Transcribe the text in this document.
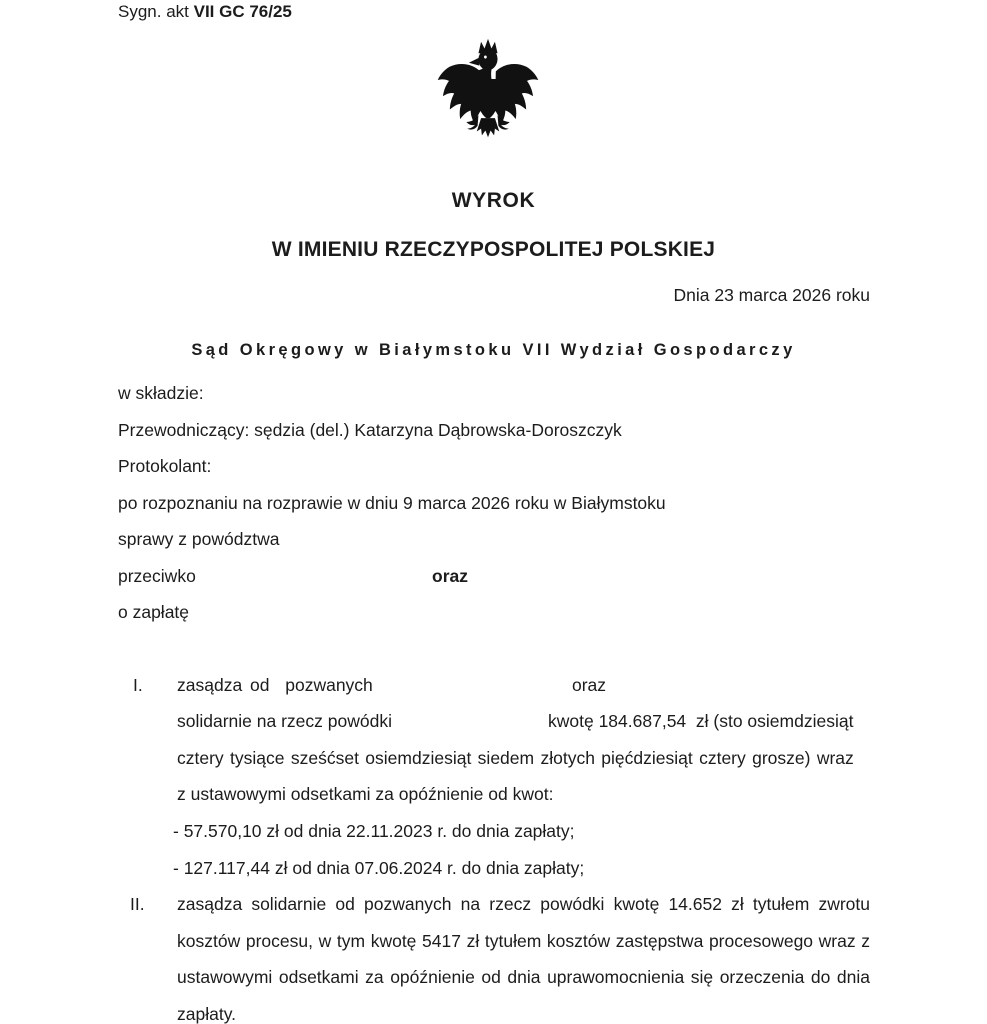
Sygn. akt VII GC 76/25
WYROK
W IMIENIU RZECZYPOSPOLITEJ POLSKIEJ
Dnia 23 marca 2026 roku
Sąd Okręgowy w Białymstoku VII Wydział Gospodarczy
w składzie:
Przewodniczący: sędzia (del.) Katarzyna Dąbrowska-Doroszczyk
Protokolant:
po rozpoznaniu na rozprawie w dniu 9 marca 2026 roku w Białymstoku
sprawy z powództwa
przeciwko	oraz
o zapłatę
I. zasądza od  pozwanych	oraz
solidarnie na rzecz powódki	kwotę 184.687,54  zł (sto osiemdziesiąt
cztery tysiące sześćset osiemdziesiąt siedem złotych pięćdziesiąt cztery grosze) wraz
z ustawowymi odsetkami za opóźnienie od kwot:
- 57.570,10 zł od dnia 22.11.2023 r. do dnia zapłaty;
- 127.117,44 zł od dnia 07.06.2024 r. do dnia zapłaty;
II. zasądza solidarnie od pozwanych na rzecz powódki kwotę 14.652 zł tytułem zwrotu kosztów procesu, w tym kwotę 5417 zł tytułem kosztów zastępstwa procesowego wraz z ustawowymi odsetkami za opóźnienie od dnia uprawomocnienia się orzeczenia do dnia zapłaty.
